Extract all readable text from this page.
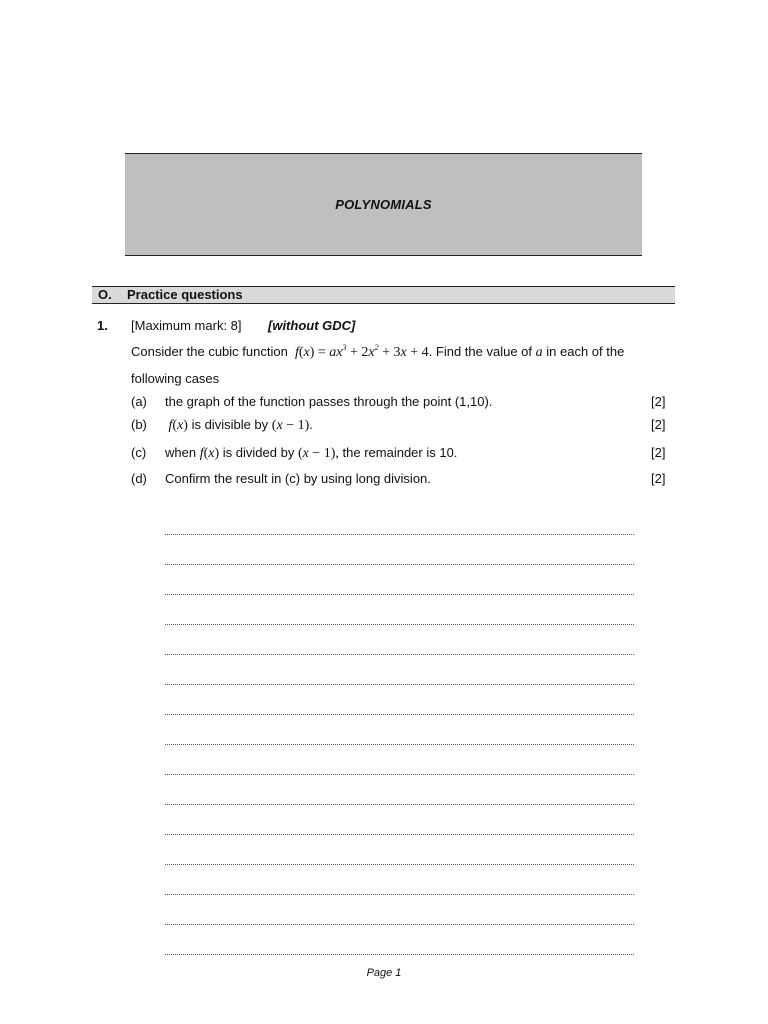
POLYNOMIALS
O. Practice questions
1. [Maximum mark: 8] [without GDC]
Consider the cubic function  $f(x) = ax^3 + 2x^2 + 3x + 4$. Find the value of a in each of the
following cases
(a) the graph of the function passes through the point (1,10).	[2]
(b) f(x) is divisible by (x − 1).	[2]
(c) when f(x) is divided by (x − 1), the remainder is 10.	[2]
(d) Confirm the result in (c) by using long division.	[2]
Page 1
